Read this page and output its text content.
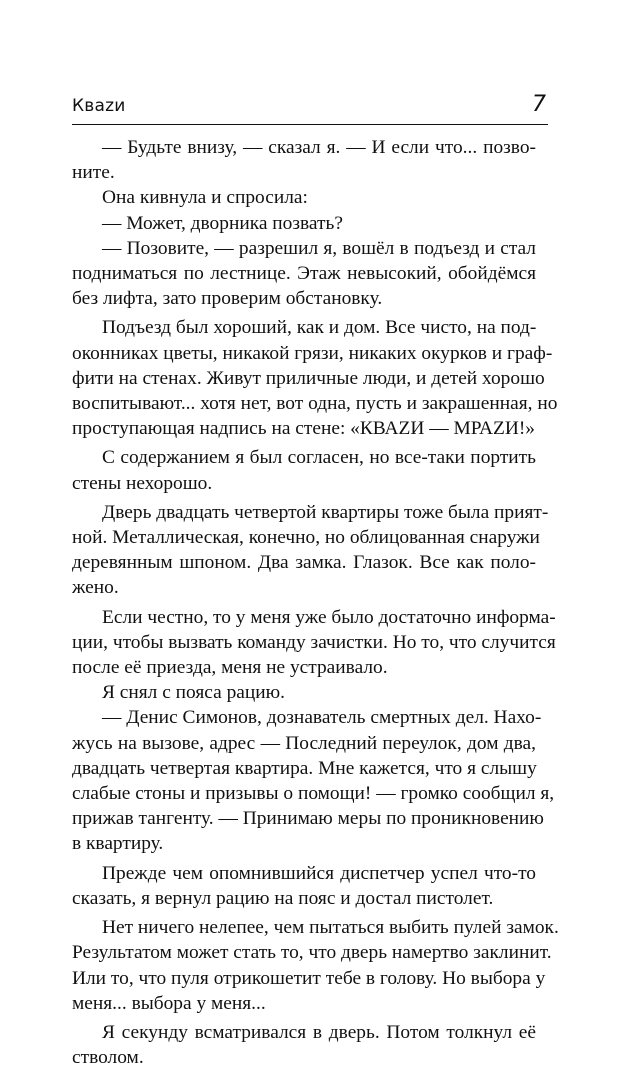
Квazи	7

— Будьте внизу, — сказал я. — И если что... позво-
ните.

Она кивнула и спросила:

— Может, дворника позвать?

— Позовите, — разрешил я, вошёл в подъезд и стал
подниматься по лестнице. Этаж невысокий, обойдёмся
без лифта, зато проверим обстановку.

Подъезд был хороший, как и дом. Все чисто, на под-
оконниках цветы, никакой грязи, никаких окурков и граф-
фити на стенах. Живут приличные люди, и детей хорошо
воспитывают... хотя нет, вот одна, пусть и закрашенная, но
проступающая надпись на стене: «КВАZИ — МРАZИ!»

С содержанием я был согласен, но все-таки портить
стены нехорошо.

Дверь двадцать четвертой квартиры тоже была прият-
ной. Металлическая, конечно, но облицованная снаружи
деревянным шпоном. Два замка. Глазок. Все как поло-
жено.

Если честно, то у меня уже было достаточно информа-
ции, чтобы вызвать команду зачистки. Но то, что случится
после её приезда, меня не устраивало.

Я снял с пояса рацию.

— Денис Симонов, дознаватель смертных дел. Нахо-
жусь на вызове, адрес — Последний переулок, дом два,
двадцать четвертая квартира. Мне кажется, что я слышу
слабые стоны и призывы о помощи! — громко сообщил я,
прижав тангенту. — Принимаю меры по проникновению
в квартиру.

Прежде чем опомнившийся диспетчер успел что-то
сказать, я вернул рацию на пояс и достал пистолет.

Нет ничего нелепее, чем пытаться выбить пулей замок.
Результатом может стать то, что дверь намертво заклинит.
Или то, что пуля отрикошетит тебе в голову. Но выбора у
меня... выбора у меня...

Я секунду всматривался в дверь. Потом толкнул её
стволом.
